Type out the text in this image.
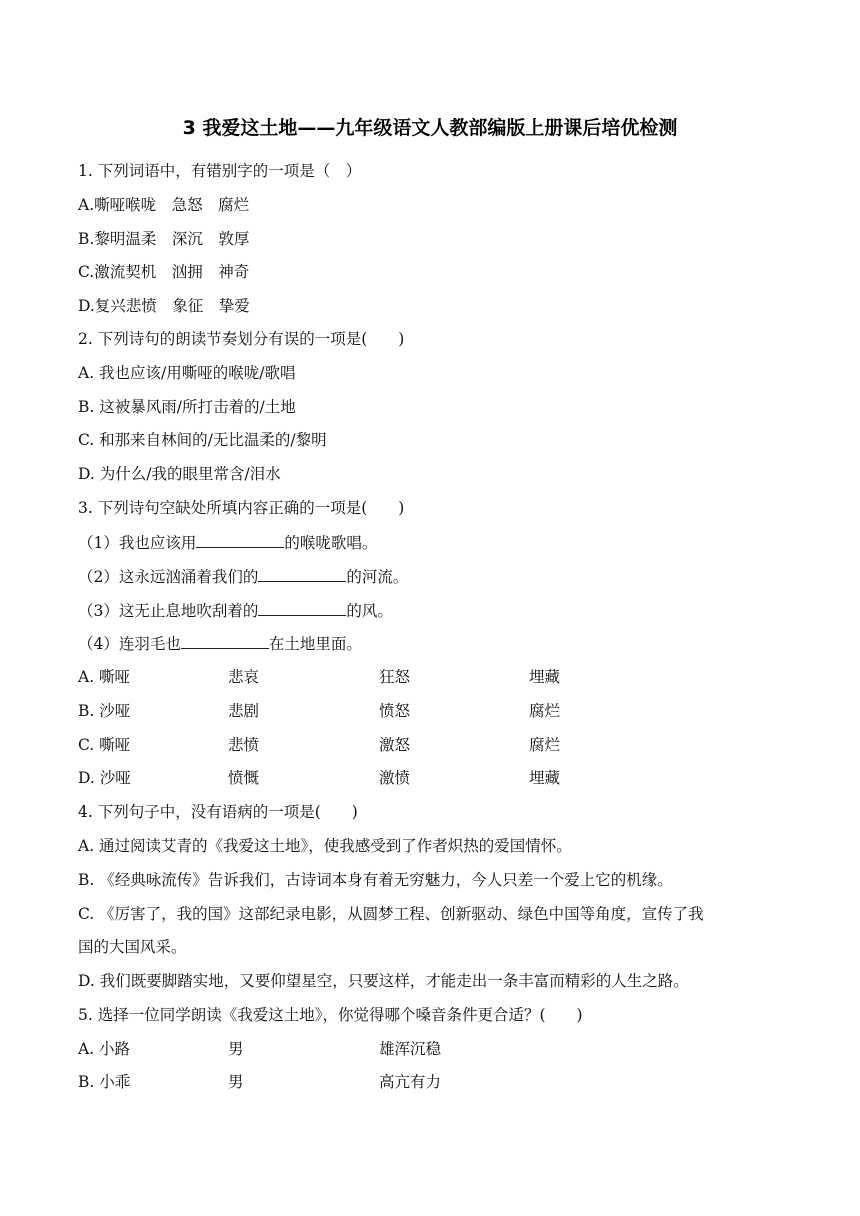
3 我爱这土地——九年级语文人教部编版上册课后培优检测
1. 下列词语中，有错别字的一项是（　）
A.嘶哑喉咙　急怒　腐烂
B.黎明温柔　深沉　敦厚
C.激流契机　汹拥　神奇
D.复兴悲愤　象征　挚爱
2. 下列诗句的朗读节奏划分有误的一项是(　　)
A. 我也应该/用嘶哑的喉咙/歌唱
B. 这被暴风雨/所打击着的/土地
C. 和那来自林间的/无比温柔的/黎明
D. 为什么/我的眼里常含/泪水
3. 下列诗句空缺处所填内容正确的一项是(　　)
（1）我也应该用	的喉咙歌唱。
（2）这永远汹涌着我们的	的河流。
（3）这无止息地吹刮着的	的风。
（4）连羽毛也	在土地里面。
A. 嘶哑	悲哀	狂怒	埋藏
B. 沙哑	悲剧	愤怒	腐烂
C. 嘶哑	悲愤	激怒	腐烂
D. 沙哑	愤慨	激愤	埋藏
4. 下列句子中，没有语病的一项是(　　)
A. 通过阅读艾青的《我爱这土地》，使我感受到了作者炽热的爱国情怀。
B. 《经典咏流传》告诉我们，古诗词本身有着无穷魅力，今人只差一个爱上它的机缘。
C. 《厉害了，我的国》这部纪录电影，从圆梦工程、创新驱动、绿色中国等角度，宣传了我
国的大国风采。
D. 我们既要脚踏实地，又要仰望星空，只要这样，才能走出一条丰富而精彩的人生之路。
5. 选择一位同学朗读《我爱这土地》，你觉得哪个嗓音条件更合适？(　　)
A. 小路	男	雄浑沉稳
B. 小乖	男	高亢有力
